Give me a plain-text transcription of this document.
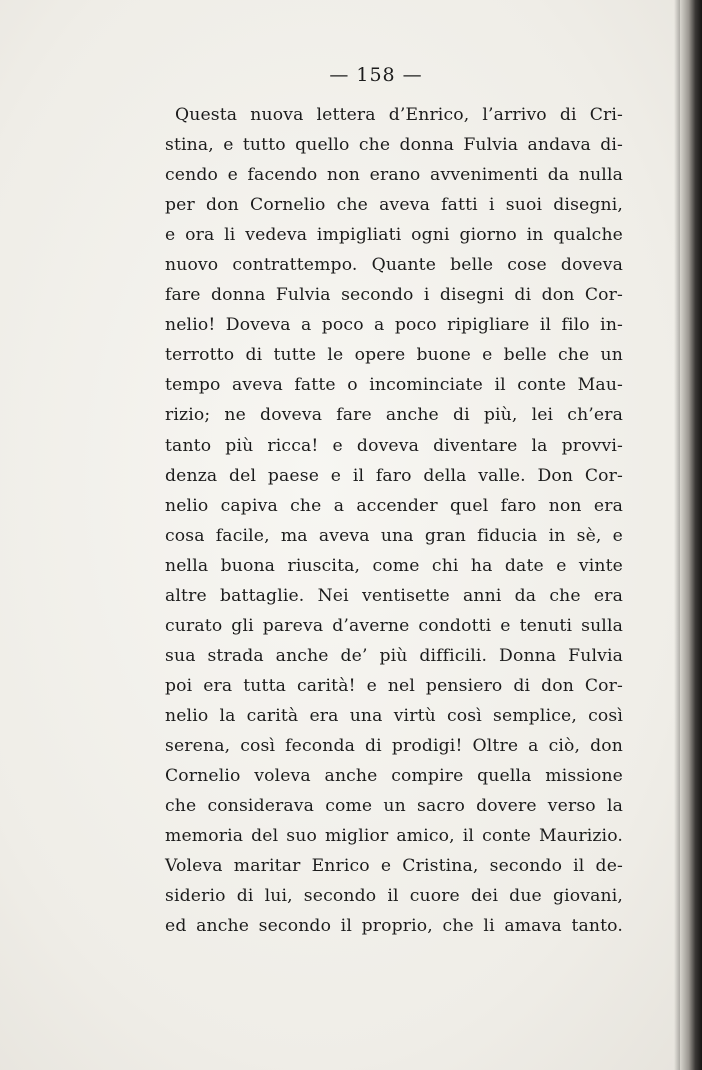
— 158 —
Questa nuova lettera d’Enrico, l’arrivo di Cri-
stina, e tutto quello che donna Fulvia andava di-
cendo e facendo non erano avvenimenti da nulla
per don Cornelio che aveva fatti i suoi disegni,
e ora li vedeva impigliati ogni giorno in qualche
nuovo contrattempo. Quante belle cose doveva
fare donna Fulvia secondo i disegni di don Cor-
nelio! Doveva a poco a poco ripigliare il filo in-
terrotto di tutte le opere buone e belle che un
tempo aveva fatte o incominciate il conte Mau-
rizio; ne doveva fare anche di più, lei ch’era
tanto più ricca! e doveva diventare la provvi-
denza del paese e il faro della valle. Don Cor-
nelio capiva che a accender quel faro non era
cosa facile, ma aveva una gran fiducia in sè, e
nella buona riuscita, come chi ha date e vinte
altre battaglie. Nei ventisette anni da che era
curato gli pareva d’averne condotti e tenuti sulla
sua strada anche de’ più difficili. Donna Fulvia
poi era tutta carità! e nel pensiero di don Cor-
nelio la carità era una virtù così semplice, così
serena, così feconda di prodigi! Oltre a ciò, don
Cornelio voleva anche compire quella missione
che considerava come un sacro dovere verso la
memoria del suo miglior amico, il conte Maurizio.
Voleva maritar Enrico e Cristina, secondo il de-
siderio di lui, secondo il cuore dei due giovani,
ed anche secondo il proprio, che li amava tanto.
